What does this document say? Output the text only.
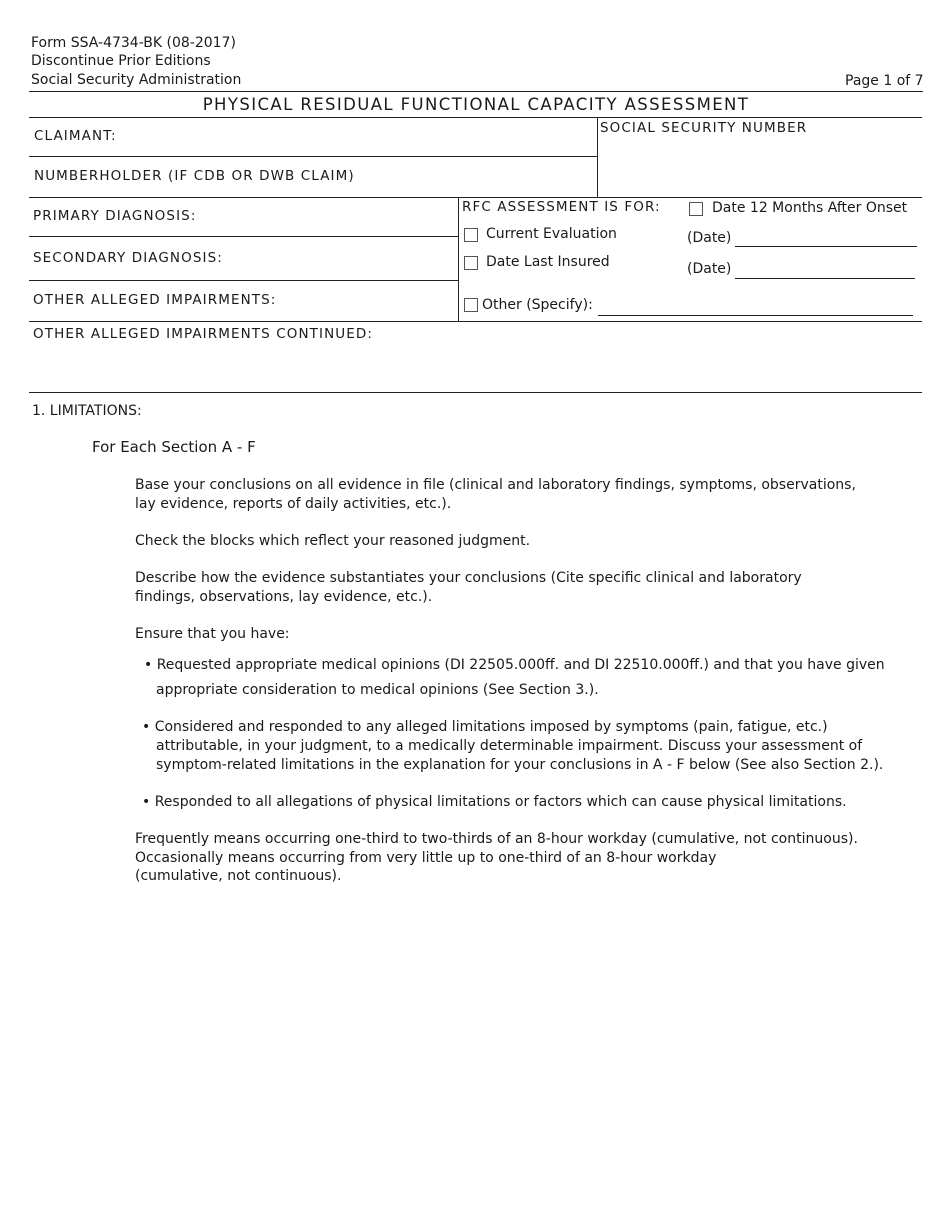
Form SSA-4734-BK (08-2017)
Discontinue Prior Editions
Social Security Administration	Page 1 of 7
PHYSICAL RESIDUAL FUNCTIONAL CAPACITY ASSESSMENT
CLAIMANT:	SOCIAL SECURITY NUMBER
NUMBERHOLDER (IF CDB OR DWB CLAIM)
PRIMARY DIAGNOSIS:
SECONDARY DIAGNOSIS:
OTHER ALLEGED IMPAIRMENTS:
OTHER ALLEGED IMPAIRMENTS CONTINUED:
RFC ASSESSMENT IS FOR:	Date 12 Months After Onset
Current Evaluation	(Date)
Date Last Insured	(Date)
Other (Specify):
1. LIMITATIONS:
For Each Section A - F
Base your conclusions on all evidence in file (clinical and laboratory findings, symptoms, observations,
lay evidence, reports of daily activities, etc.).
Check the blocks which reflect your reasoned judgment.
Describe how the evidence substantiates your conclusions (Cite specific clinical and laboratory
findings, observations, lay evidence, etc.).
Ensure that you have:
• Requested appropriate medical opinions (DI 22505.000ff. and DI 22510.000ff.) and that you have given
appropriate consideration to medical opinions (See Section 3.).
• Considered and responded to any alleged limitations imposed by symptoms (pain, fatigue, etc.)
attributable, in your judgment, to a medically determinable impairment. Discuss your assessment of
symptom-related limitations in the explanation for your conclusions in A - F below (See also Section 2.).
• Responded to all allegations of physical limitations or factors which can cause physical limitations.
Frequently means occurring one-third to two-thirds of an 8-hour workday (cumulative, not continuous).
Occasionally means occurring from very little up to one-third of an 8-hour workday
(cumulative, not continuous).
